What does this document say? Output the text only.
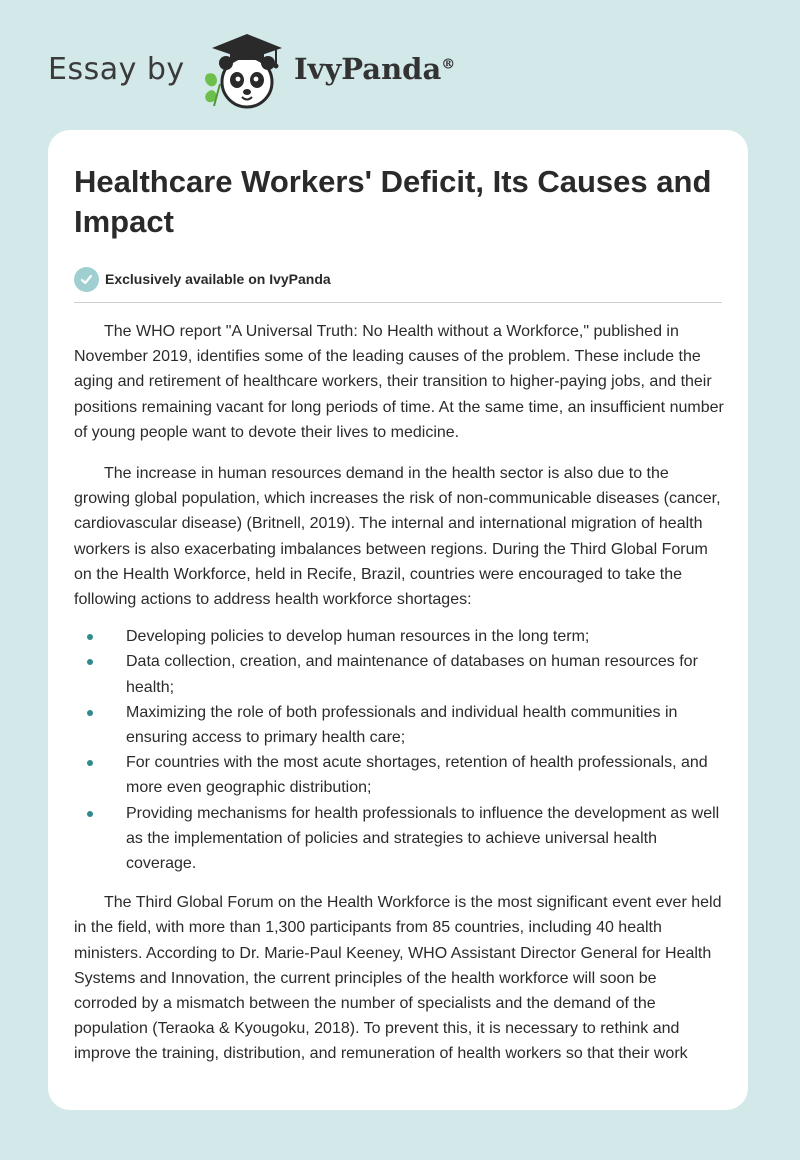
Essay by	IvyPanda®
Healthcare Workers' Deficit, Its Causes and Impact
Exclusively available on IvyPanda

The WHO report "A Universal Truth: No Health without a Workforce," published in November 2019, identifies some of the leading causes of the problem. These include the aging and retirement of healthcare workers, their transition to higher-paying jobs, and their positions remaining vacant for long periods of time. At the same time, an insufficient number of young people want to devote their lives to medicine.

The increase in human resources demand in the health sector is also due to the growing global population, which increases the risk of non-communicable diseases (cancer, cardiovascular disease) (Britnell, 2019). The internal and international migration of health workers is also exacerbating imbalances between regions. During the Third Global Forum on the Health Workforce, held in Recife, Brazil, countries were encouraged to take the following actions to address health workforce shortages:

Developing policies to develop human resources in the long term;
Data collection, creation, and maintenance of databases on human resources for health;
Maximizing the role of both professionals and individual health communities in ensuring access to primary health care;
For countries with the most acute shortages, retention of health professionals, and more even geographic distribution;
Providing mechanisms for health professionals to influence the development as well as the implementation of policies and strategies to achieve universal health coverage.

The Third Global Forum on the Health Workforce is the most significant event ever held in the field, with more than 1,300 participants from 85 countries, including 40 health ministers. According to Dr. Marie-Paul Keeney, WHO Assistant Director General for Health Systems and Innovation, the current principles of the health workforce will soon be corroded by a mismatch between the number of specialists and the demand of the population (Teraoka & Kyougoku, 2018). To prevent this, it is necessary to rethink and improve the training, distribution, and remuneration of health workers so that their work
